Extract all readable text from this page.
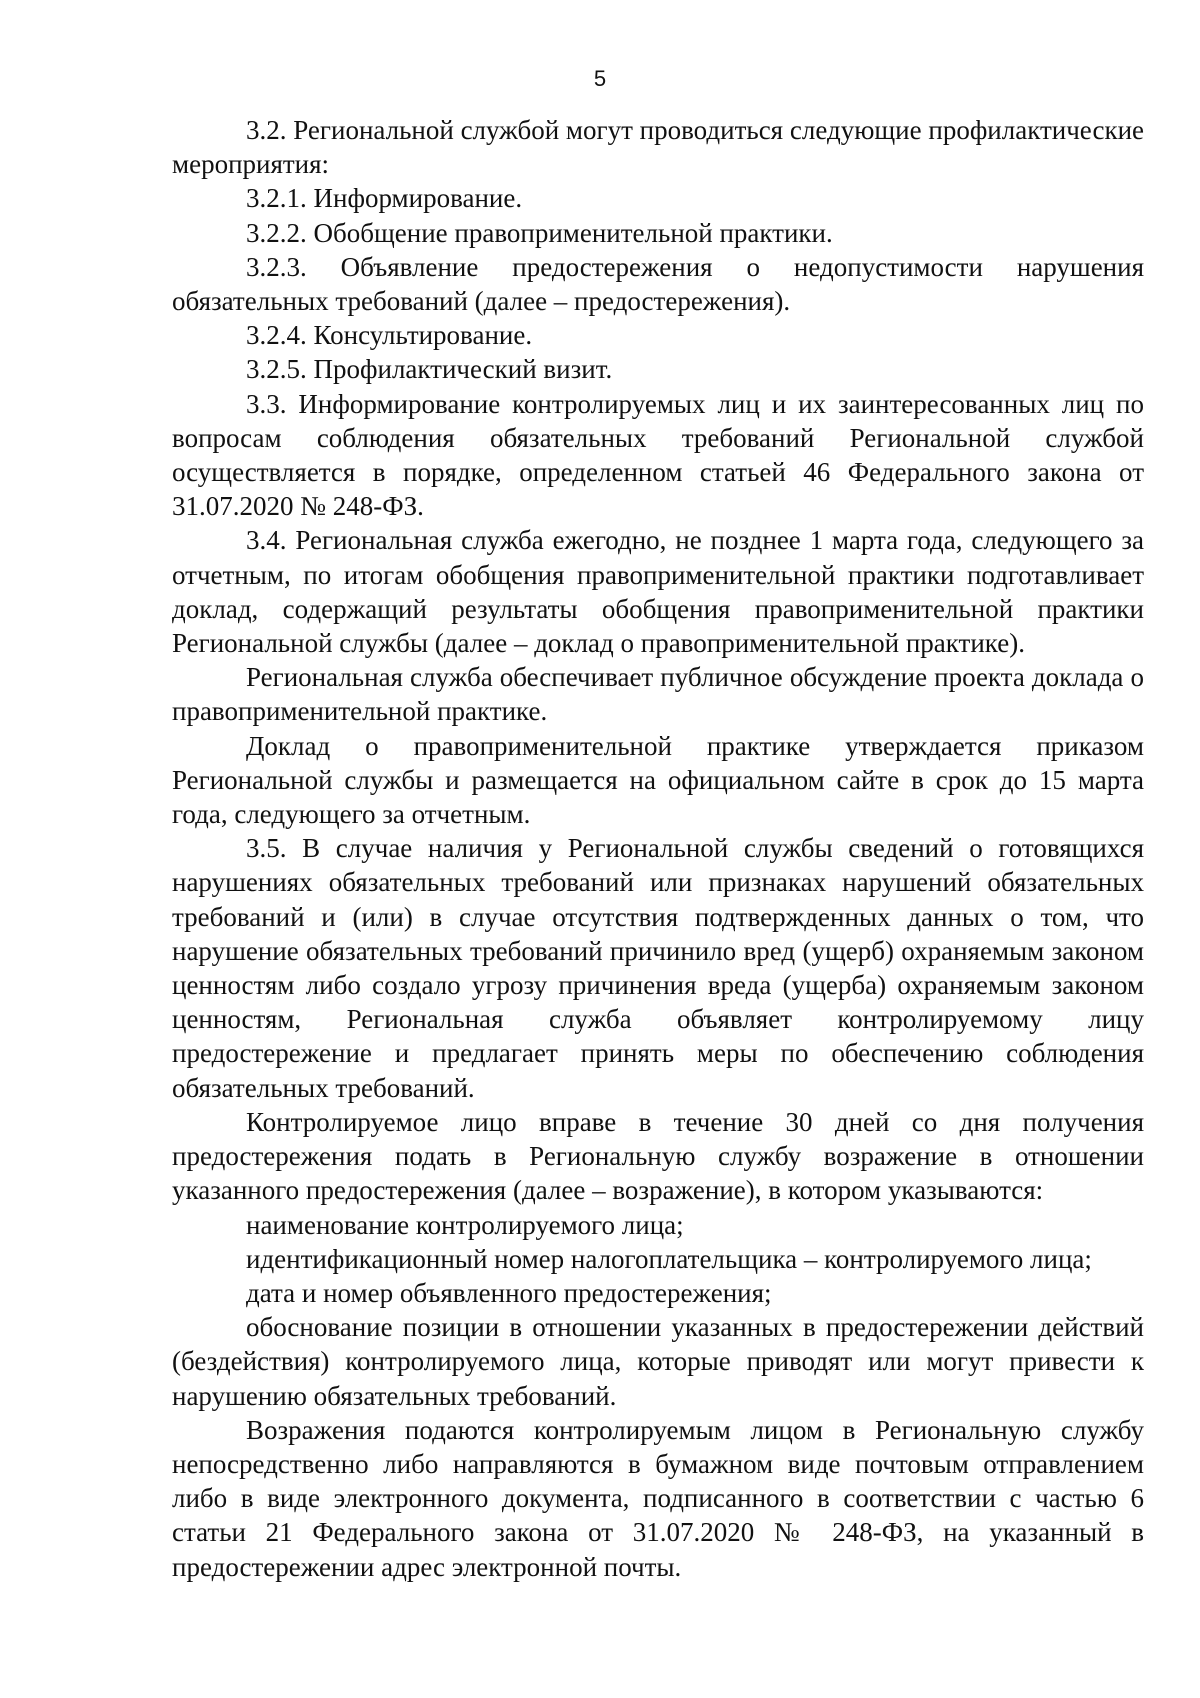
5

3.2. Региональной службой могут проводиться следующие профилактические мероприятия:

3.2.1. Информирование.

3.2.2. Обобщение правоприменительной практики.

3.2.3. Объявление предостережения о недопустимости нарушения обязательных требований (далее – предостережения).

3.2.4. Консультирование.

3.2.5. Профилактический визит.

3.3. Информирование контролируемых лиц и их заинтересованных лиц по вопросам соблюдения обязательных требований Региональной службой осуществляется в порядке, определенном статьей 46 Федерального закона от 31.07.2020 № 248-ФЗ.

3.4. Региональная служба ежегодно, не позднее 1 марта года, следующего за отчетным, по итогам обобщения правоприменительной практики подготавливает доклад, содержащий результаты обобщения правоприменительной практики Региональной службы (далее – доклад о правоприменительной практике).

Региональная служба обеспечивает публичное обсуждение проекта доклада о правоприменительной практике.

Доклад о правоприменительной практике утверждается приказом Региональной службы и размещается на официальном сайте в срок до 15 марта года, следующего за отчетным.

3.5. В случае наличия у Региональной службы сведений о готовящихся нарушениях обязательных требований или признаках нарушений обязательных требований и (или) в случае отсутствия подтвержденных данных о том, что нарушение обязательных требований причинило вред (ущерб) охраняемым законом ценностям либо создало угрозу причинения вреда (ущерба) охраняемым законом ценностям, Региональная служба объявляет контролируемому лицу предостережение и предлагает принять меры по обеспечению соблюдения обязательных требований.

Контролируемое лицо вправе в течение 30 дней со дня получения предостережения подать в Региональную службу возражение в отношении указанного предостережения (далее – возражение), в котором указываются:

наименование контролируемого лица;

идентификационный номер налогоплательщика – контролируемого лица;

дата и номер объявленного предостережения;

обоснование позиции в отношении указанных в предостережении действий (бездействия) контролируемого лица, которые приводят или могут привести к нарушению обязательных требований.

Возражения подаются контролируемым лицом в Региональную службу непосредственно либо направляются в бумажном виде почтовым отправлением либо в виде электронного документа, подписанного в соответствии с частью 6 статьи 21 Федерального закона от 31.07.2020 № 248-ФЗ, на указанный в предостережении адрес электронной почты.
